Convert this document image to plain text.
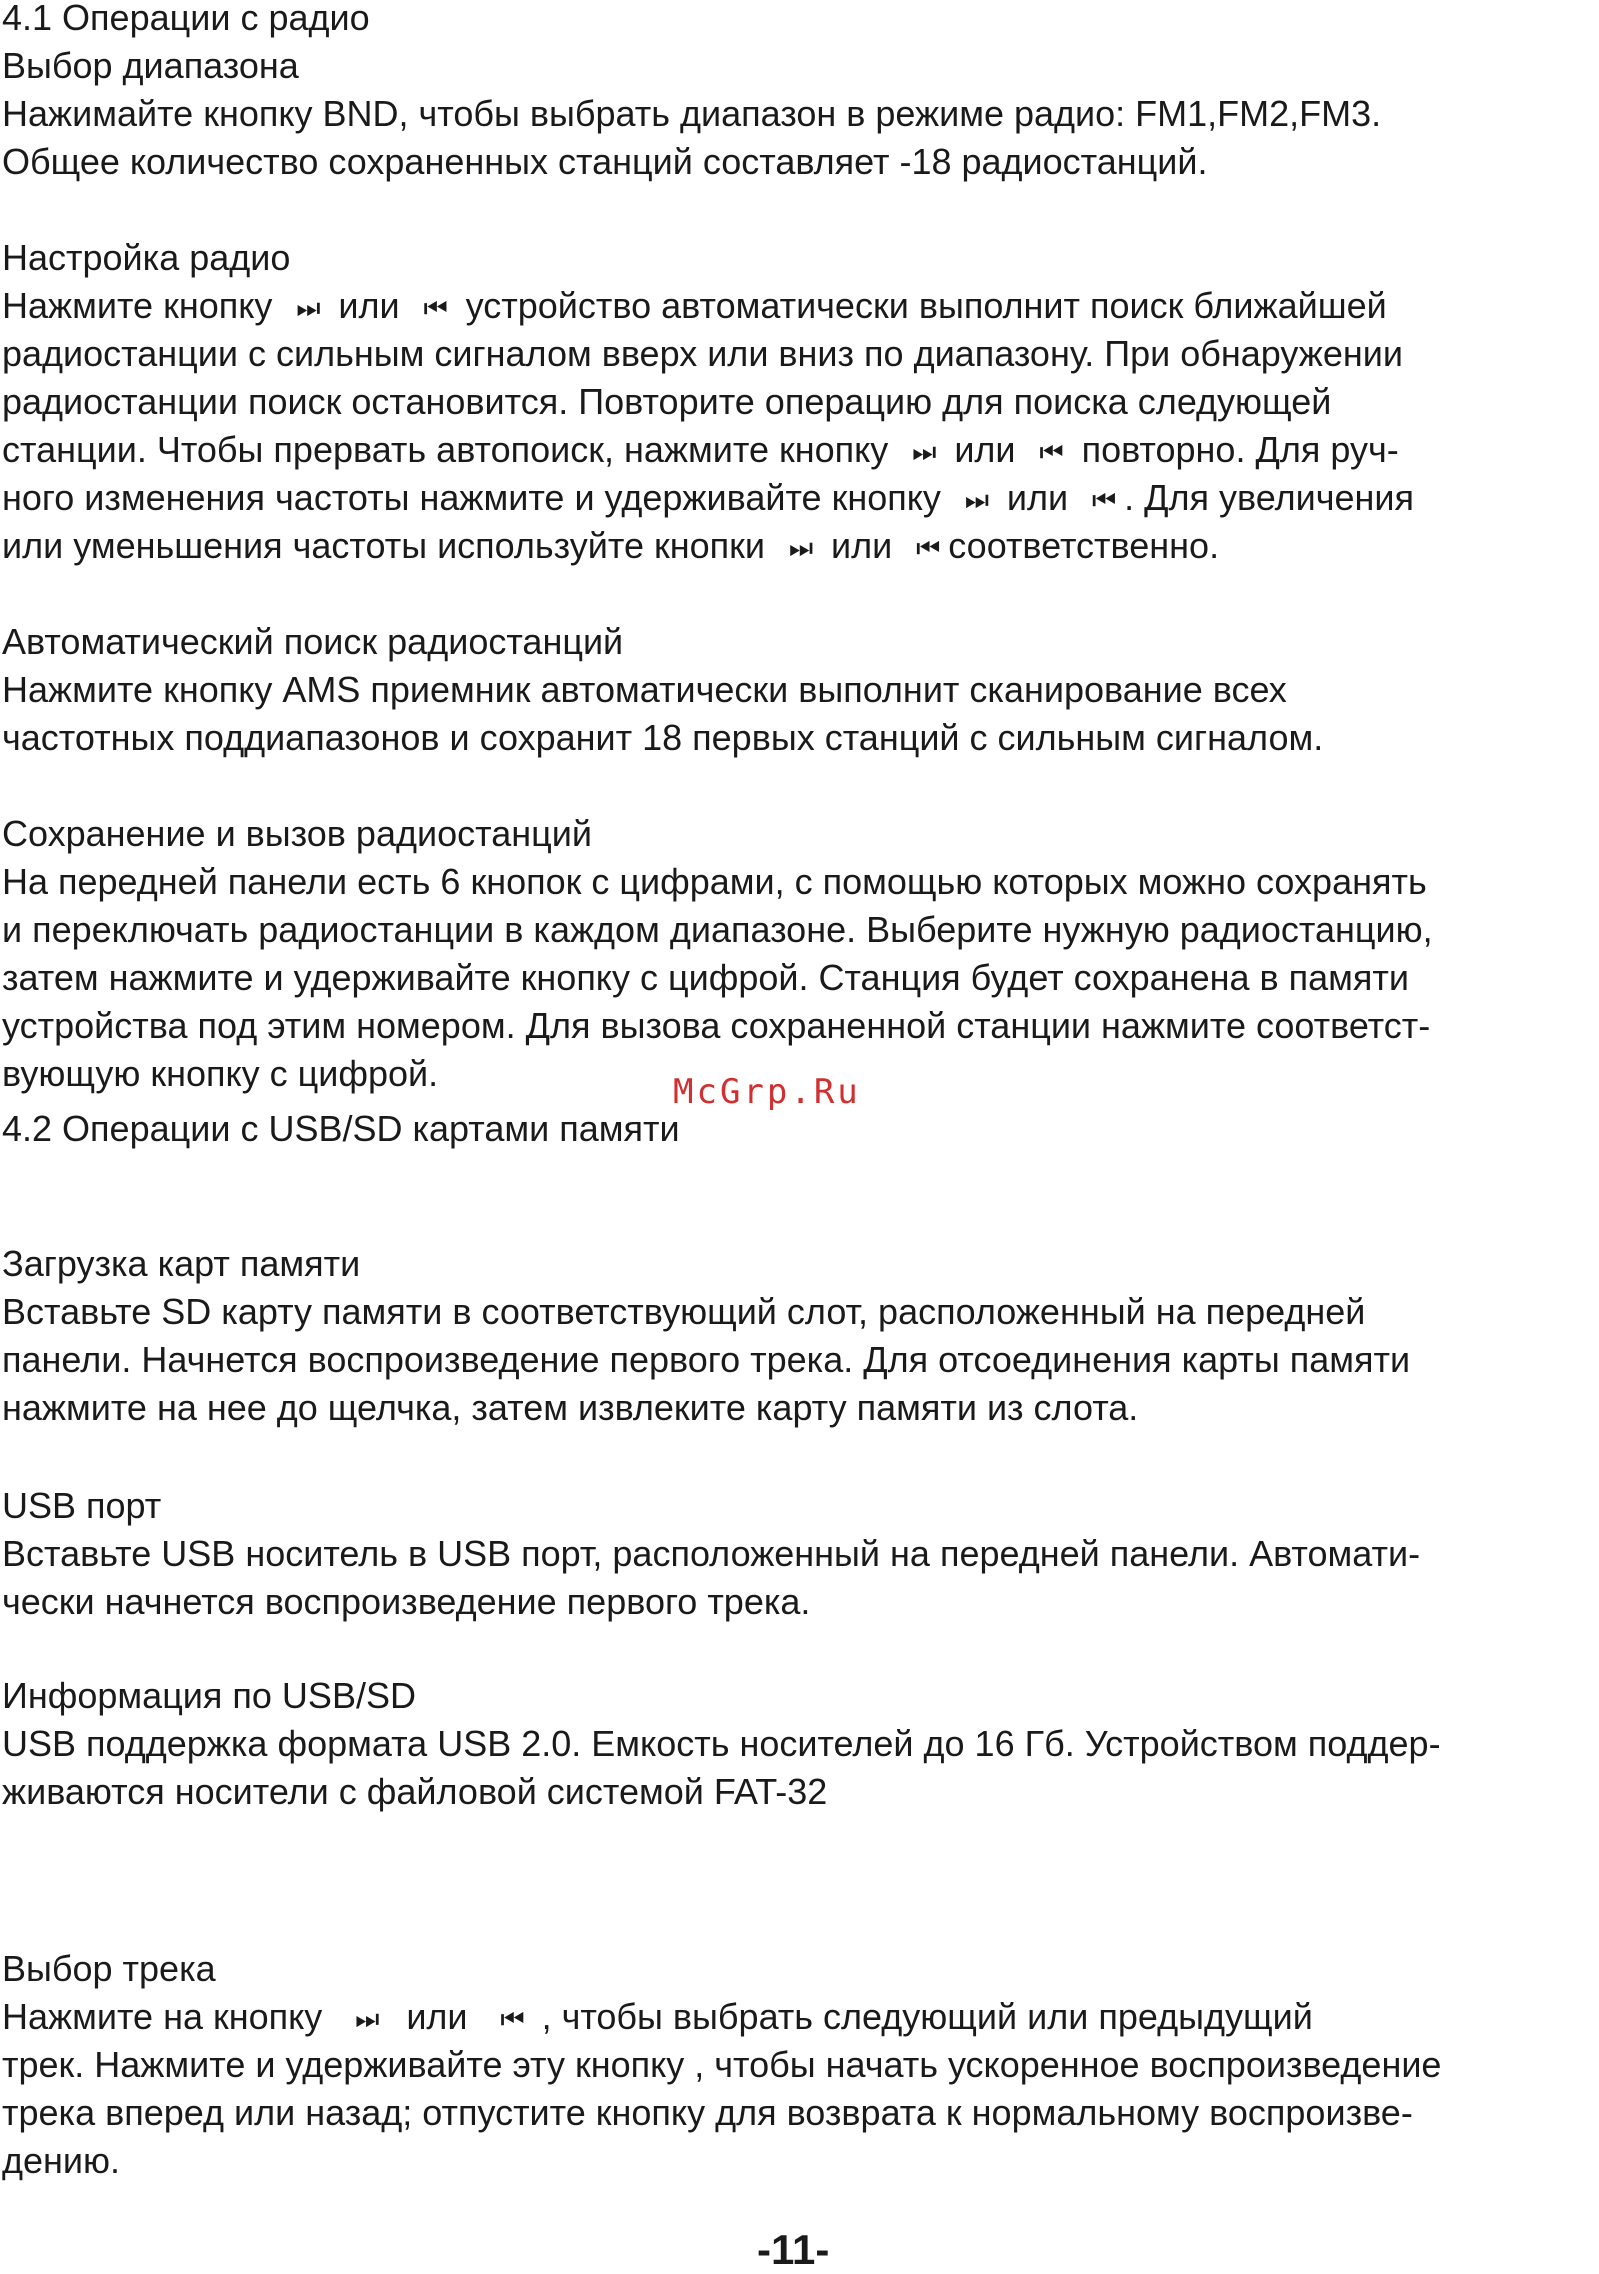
4.1 Операции с радио
Выбор диапазона
Нажимайте кнопку BND, чтобы выбрать диапазон в режиме радио: FM1,FM2,FM3.
Общее количество сохраненных станций составляет -18 радиостанций.
Настройка радио
Нажмите кнопку ⏭ или ⏮ устройство автоматически выполнит поиск ближайшей
радиостанции с сильным сигналом вверх или вниз по диапазону. При обнаружении
радиостанции поиск остановится. Повторите операцию для поиска следующей
станции. Чтобы прервать автопоиск, нажмите кнопку ⏭ или ⏮ повторно. Для руч-
ного изменения частоты нажмите и удерживайте кнопку ⏭ или ⏮ . Для увеличения
или уменьшения частоты используйте кнопки ⏭ или ⏮ соответственно.
Автоматический поиск радиостанций
Нажмите кнопку AMS приемник автоматически выполнит сканирование всех
частотных поддиапазонов и сохранит 18 первых станций с сильным сигналом.
Сохранение и вызов радиостанций
На передней панели есть 6 кнопок с цифрами, с помощью которых можно сохранять
и переключать радиостанции в каждом диапазоне. Выберите нужную радиостанцию,
затем нажмите и удерживайте кнопку с цифрой. Станция будет сохранена в памяти
устройства под этим номером. Для вызова сохраненной станции нажмите соответст-
вующую кнопку с цифрой.	McGrp.Ru
4.2 Операции с USB/SD картами памяти
Загрузка карт памяти
Вставьте SD карту памяти в соответствующий слот, расположенный на передней
панели. Начнется воспроизведение первого трека. Для отсоединения карты памяти
нажмите на нее до щелчка, затем извлеките карту памяти из слота.
USB порт
Вставьте USB носитель в USB порт, расположенный на передней панели. Автомати-
чески начнется воспроизведение первого трека.
Информация по USB/SD
USB поддержка формата USB 2.0. Емкость носителей до 16 Гб. Устройством поддер-
живаются носители с файловой системой FAT-32
Выбор трека
Нажмите на кнопку ⏭ или ⏮ , чтобы выбрать следующий или предыдущий
трек. Нажмите и удерживайте эту кнопку , чтобы начать ускоренное воспроизведение
трека вперед или назад; отпустите кнопку для возврата к нормальному воспроизве-
дению.
-11-
